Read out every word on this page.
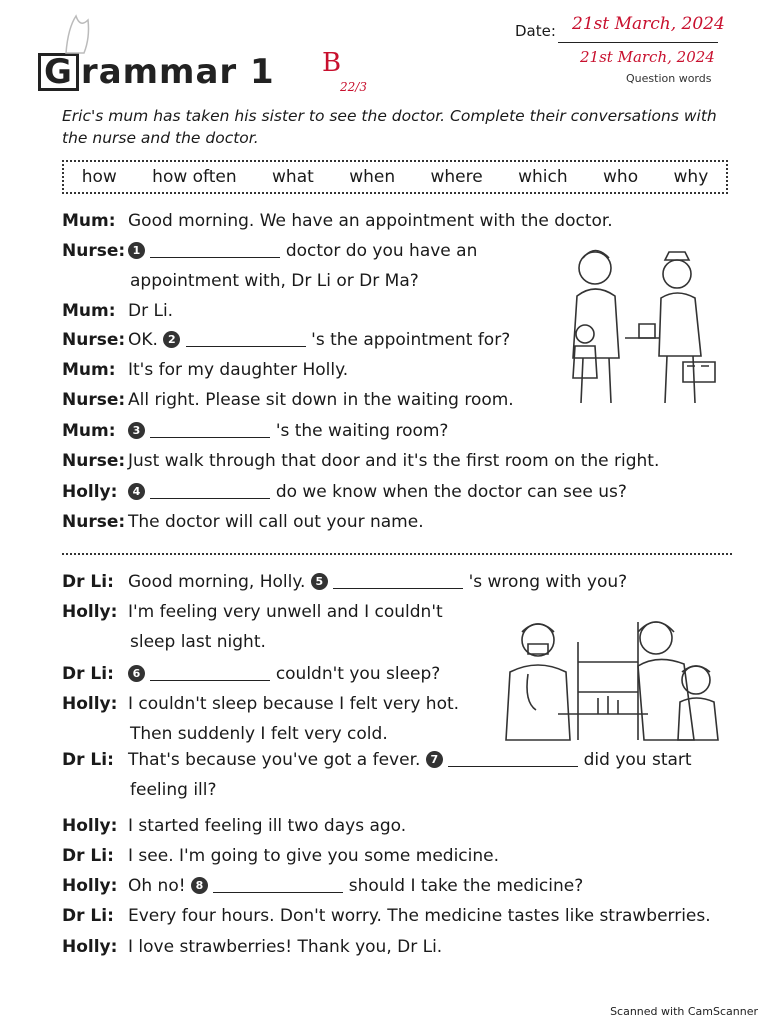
G rammar 1
Date: 21st March, 2024
21st March, 2024
Question words
B
22/3
Eric's mum has taken his sister to see the doctor. Complete their conversations with the nurse and the doctor.
how how often what when where which who why
Mum: Good morning. We have an appointment with the doctor.
Nurse: 1	doctor do you have an
appointment with, Dr Li or Dr Ma?
Mum: Dr Li.
Nurse: OK. 2	's the appointment for?
Mum: It's for my daughter Holly.
Nurse: All right. Please sit down in the waiting room.
Mum: 3	's the waiting room?
Nurse: Just walk through that door and it's the first room on the right.
Holly: 4	do we know when the doctor can see us?
Nurse: The doctor will call out your name.
Dr Li: Good morning, Holly. 5	's wrong with you?
Holly: I'm feeling very unwell and I couldn't
sleep last night.
Dr Li: 6	couldn't you sleep?
Holly: I couldn't sleep because I felt very hot.
Then suddenly I felt very cold.
Dr Li: That's because you've got a fever. 7	did you start
feeling ill?
Holly: I started feeling ill two days ago.
Dr Li: I see. I'm going to give you some medicine.
Holly: Oh no! 8	should I take the medicine?
Dr Li: Every four hours. Don't worry. The medicine tastes like strawberries.
Holly: I love strawberries! Thank you, Dr Li.
Scanned with CamScanner
